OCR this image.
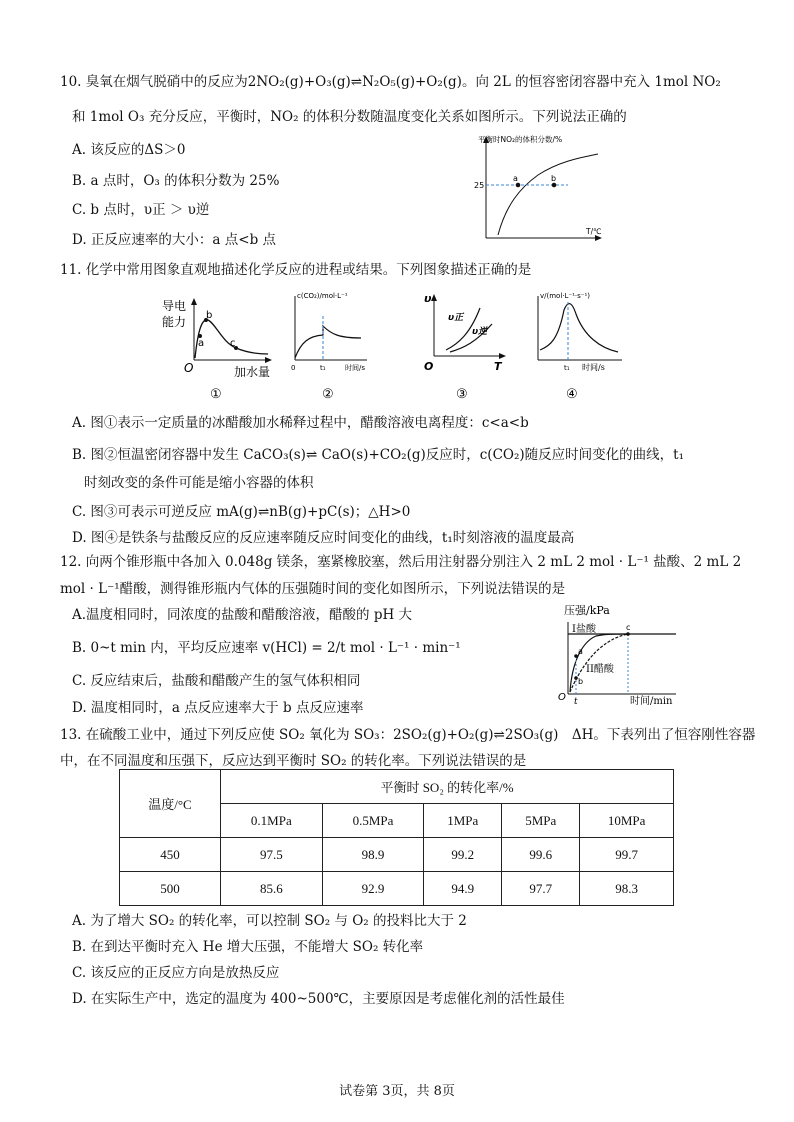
10. 臭氧在烟气脱硝中的反应为2NO₂(g)+O₃(g)⇌N₂O₅(g)+O₂(g)。向 2L 的恒容密闭容器中充入 1mol NO₂
和 1mol O₃ 充分反应，平衡时，NO₂ 的体积分数随温度变化关系如图所示。下列说法正确的
A. 该反应的ΔS＞0
B. a 点时，O₃ 的体积分数为 25%
C. b 点时，υ正 ＞ υ逆
D. 正反应速率的大小：a 点<b 点
平衡时NO₂的体积分数/%
25
a	b
T/℃
11. 化学中常用图象直观地描述化学反应的进程或结果。下列图象描述正确的是
导电
能力
a
b
c
O	加水量
①
c(CO₂)/mol·L⁻¹
0	t₁	时间/s
②
υ
υ正
υ逆
O	T
③
v/(mol·L⁻¹·s⁻¹)
t₁ 时间/s
④
A. 图①表示一定质量的冰醋酸加水稀释过程中，醋酸溶液电离程度：c<a<b
B. 图②恒温密闭容器中发生 CaCO₃(s)⇌ CaO(s)+CO₂(g)反应时，c(CO₂)随反应时间变化的曲线，t₁
时刻改变的条件可能是缩小容器的体积
C. 图③可表示可逆反应 mA(g)⇌nB(g)+pC(s)；△H>0
D. 图④是铁条与盐酸反应的反应速率随反应时间变化的曲线，t₁时刻溶液的温度最高
12. 向两个锥形瓶中各加入 0.048g 镁条，塞紧橡胶塞，然后用注射器分别注入 2 mL 2 mol · L⁻¹ 盐酸、2 mL 2
mol · L⁻¹醋酸，测得锥形瓶内气体的压强随时间的变化如图所示，下列说法错误的是
A.温度相同时，同浓度的盐酸和醋酸溶液，醋酸的 pH 大
B. 0~t min 内，平均反应速率 v(HCl) = 2/t mol · L⁻¹ · min⁻¹
C. 反应结束后，盐酸和醋酸产生的氢气体积相同
D. 温度相同时，a 点反应速率大于 b 点反应速率
压强/kPa
I盐酸
II醋酸
a
b
c
O t	时间/min
13. 在硫酸工业中，通过下列反应使 SO₂ 氧化为 SO₃：2SO₂(g)+O₂(g)⇌2SO₃(g)　ΔH。下表列出了恒容刚性容器
中，在不同温度和压强下，反应达到平衡时 SO₂ 的转化率。下列说法错误的是
温度/°C	平衡时 SO₂ 的转化率/%				
	0.1MPa	0.5MPa	1MPa	5MPa	10MPa
450	97.5	98.9	99.2	99.6	99.7
500	85.6	92.9	94.9	97.7	98.3
A. 为了增大 SO₂ 的转化率，可以控制 SO₂ 与 O₂ 的投料比大于 2
B. 在到达平衡时充入 He 增大压强，不能增大 SO₂ 转化率
C. 该反应的正反应方向是放热反应
D. 在实际生产中，选定的温度为 400~500℃，主要原因是考虑催化剂的活性最佳
试卷第 3页，共 8页
